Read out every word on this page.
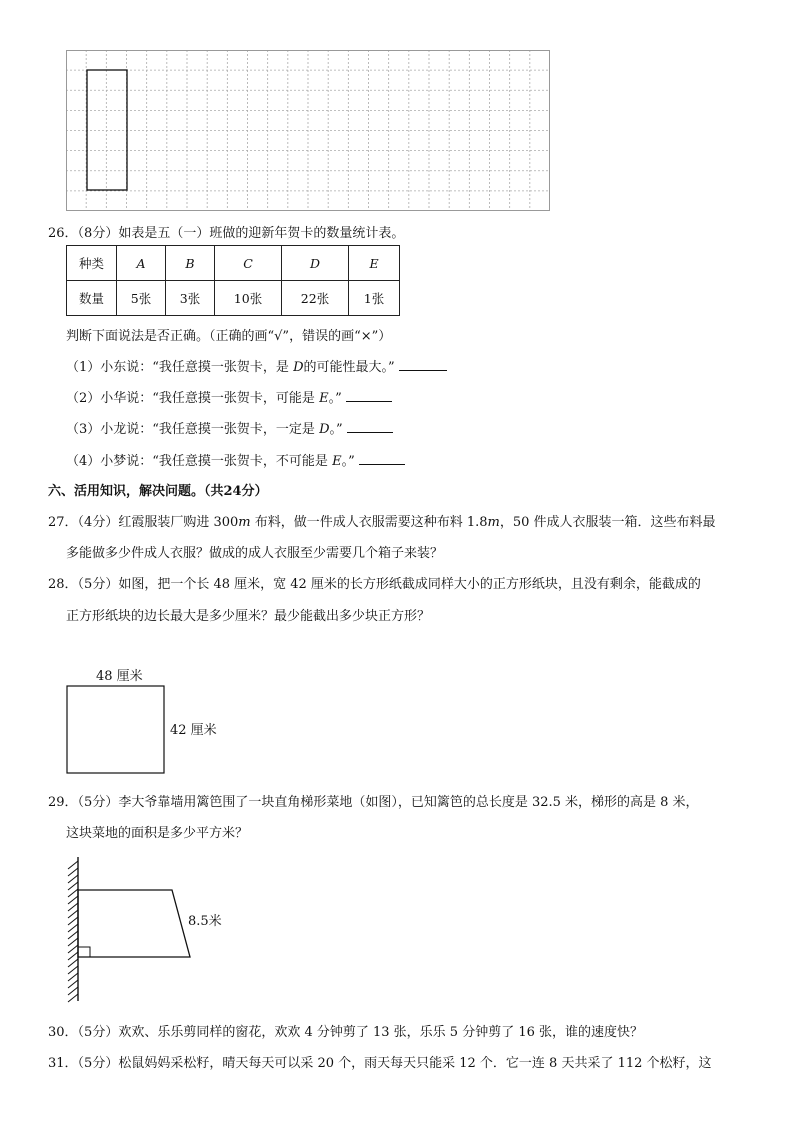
26．（8分）如表是五（一）班做的迎新年贺卡的数量统计表。
种类	A	B	C	D	E
数量	5张	3张	10张	22张	1张
判断下面说法是否正确。（正确的画“√”，错误的画“×”）
（1）小东说：“我任意摸一张贺卡，是 D的可能性最大。”
（2）小华说：“我任意摸一张贺卡，可能是 E。”
（3）小龙说：“我任意摸一张贺卡，一定是 D。”
（4）小梦说：“我任意摸一张贺卡，不可能是 E。”
六、活用知识，解决问题。（共24分）
27．（4分）红霞服装厂购进 300m 布料，做一件成人衣服需要这种布料 1.8m，50 件成人衣服装一箱．这些布料最
多能做多少件成人衣服？做成的成人衣服至少需要几个箱子来装？
28．（5分）如图，把一个长 48 厘米，宽 42 厘米的长方形纸截成同样大小的正方形纸块，且没有剩余，能截成的
正方形纸块的边长最大是多少厘米？最少能截出多少块正方形？
48 厘米
42 厘米
29．（5分）李大爷靠墙用篱笆围了一块直角梯形菜地（如图），已知篱笆的总长度是 32.5 米，梯形的高是 8 米，
这块菜地的面积是多少平方米？
8.5米
30．（5分）欢欢、乐乐剪同样的窗花，欢欢 4 分钟剪了 13 张，乐乐 5 分钟剪了 16 张，谁的速度快？
31．（5分）松鼠妈妈采松籽，晴天每天可以采 20 个，雨天每天只能采 12 个．它一连 8 天共采了 112 个松籽，这
